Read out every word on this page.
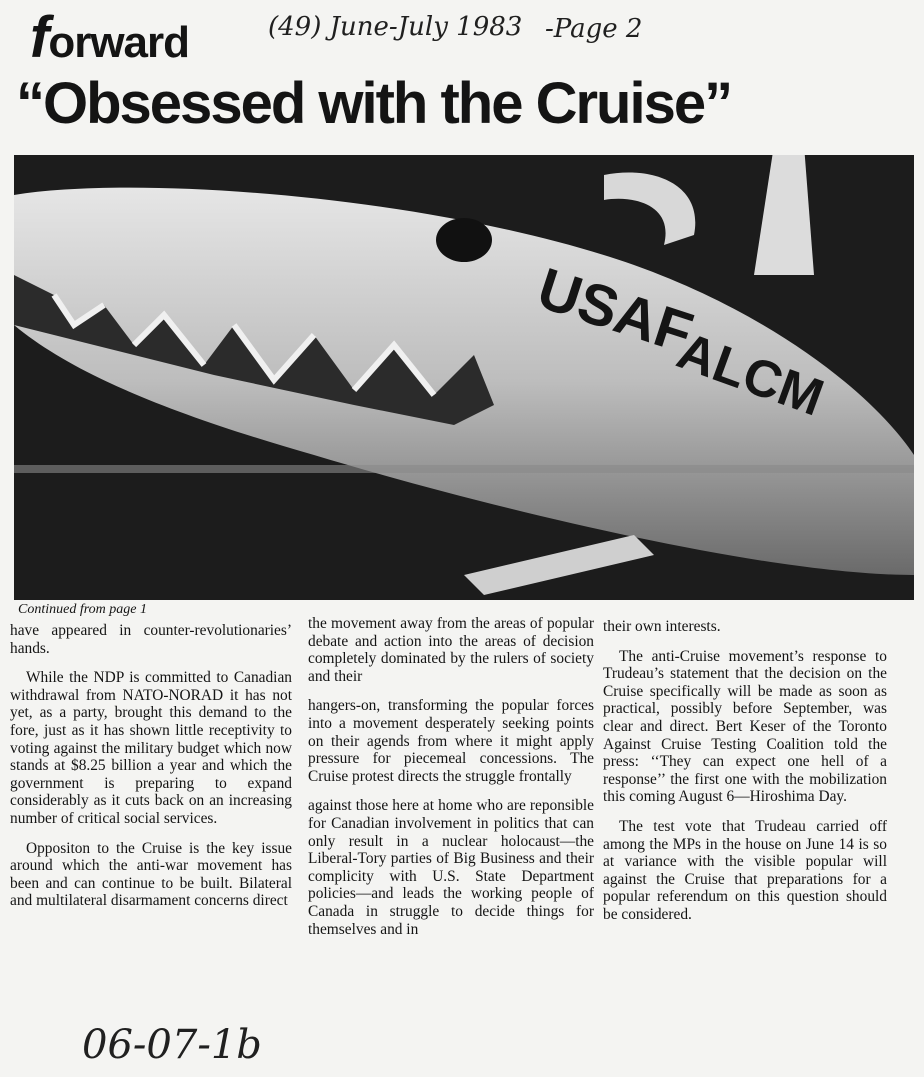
forward	(49) June-July 1983 -Page 2
“Obsessed with the Cruise”
USAF
ALCM
Continued from page 1

have appeared in counter-revolutionaries’ hands.

While the NDP is committed to Canadian withdrawal from NATO-NORAD it has not yet, as a party, brought this demand to the fore, just as it has shown little receptivity to voting against the military budget which now stands at $8.25 billion a year and which the government is preparing to expand considerably as it cuts back on an increasing number of critical social services.

Oppositon to the Cruise is the key issue around which the anti-war movement has been and can continue to be built. Bilateral and multilateral disarmament concerns direct

the movement away from the areas of popular debate and action into the areas of decision completely dominated by the rulers of society and their

hangers-on, transforming the popular forces into a movement desperately seeking points on their agends from where it might apply pressure for piecemeal concessions. The Cruise protest directs the struggle frontally

against those here at home who are reponsible for Canadian involvement in politics that can only result in a nuclear holocaust—the Liberal-Tory parties of Big Business and their complicity with U.S. State Department policies—and leads the working people of Canada in struggle to decide things for themselves and in

their own interests.

The anti-Cruise movement’s response to Trudeau’s statement that the decision on the Cruise specifically will be made as soon as practical, possibly before September, was clear and direct. Bert Keser of the Toronto Against Cruise Testing Coalition told the press: ‘‘They can expect one hell of a response’’ the first one with the mobilization this coming August 6—Hiroshima Day.

The test vote that Trudeau carried off among the MPs in the house on June 14 is so at variance with the visible popular will against the Cruise that preparations for a popular referendum on this question should be considered.

06-07-1b
